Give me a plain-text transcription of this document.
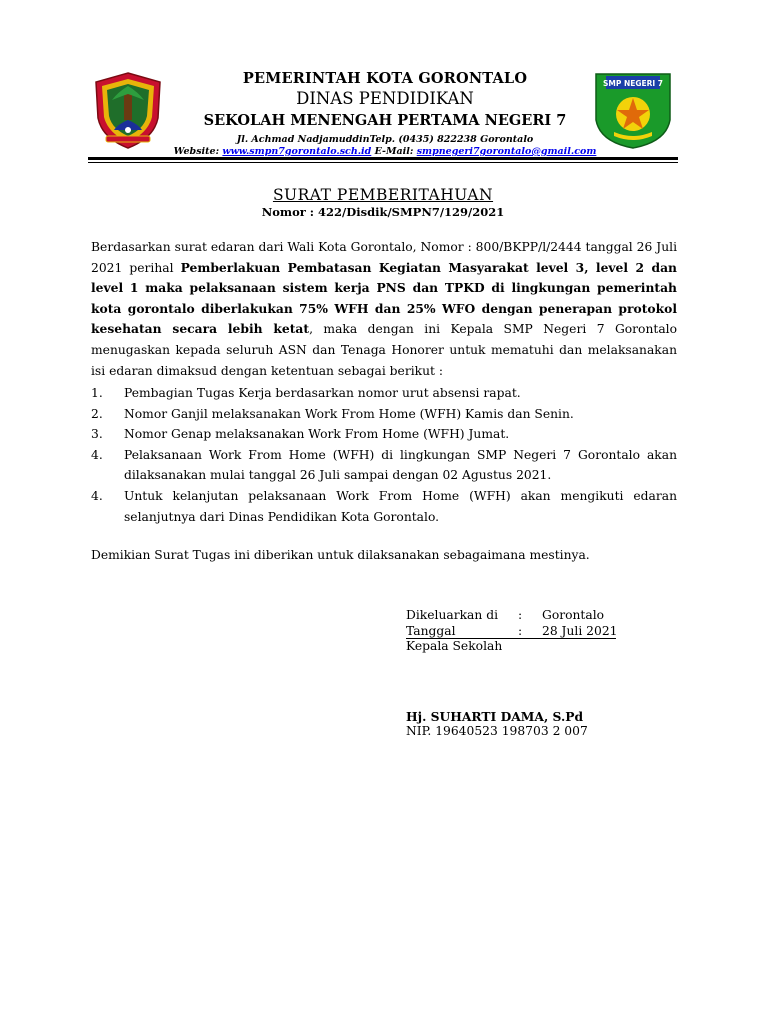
PEMERINTAH KOTA GORONTALO
DINAS PENDIDIKAN
SEKOLAH MENENGAH PERTAMA NEGERI 7
Jl. Achmad NadjamuddinTelp. (0435) 822238 Gorontalo
Website: www.smpn7gorontalo.sch.id E-Mail: smpnegeri7gorontalo@gmail.com
SMP NEGERI 7
SURAT PEMBERITAHUAN
Nomor : 422/Disdik/SMPN7/129/2021
Berdasarkan surat edaran dari Wali Kota Gorontalo, Nomor : 800/BKPP/l/2444 tanggal 26 Juli 2021 perihal Pemberlakuan Pembatasan Kegiatan Masyarakat level 3, level 2 dan level 1 maka pelaksanaan sistem kerja PNS dan TPKD di lingkungan pemerintah kota gorontalo diberlakukan 75% WFH dan 25% WFO dengan penerapan protokol kesehatan secara lebih ketat, maka dengan ini Kepala SMP Negeri 7 Gorontalo menugaskan kepada seluruh ASN dan Tenaga Honorer untuk mematuhi dan melaksanakan isi edaran dimaksud dengan ketentuan sebagai berikut :
1. Pembagian Tugas Kerja berdasarkan nomor urut absensi rapat.
2. Nomor Ganjil melaksanakan Work From Home (WFH) Kamis dan Senin.
3. Nomor Genap melaksanakan Work From Home (WFH) Jumat.
4. Pelaksanaan Work From Home (WFH) di lingkungan SMP Negeri 7 Gorontalo akan dilaksanakan mulai tanggal 26 Juli sampai dengan 02 Agustus 2021.
4. Untuk kelanjutan pelaksanaan Work From Home (WFH) akan mengikuti edaran selanjutnya dari Dinas Pendidikan Kota Gorontalo.
Demikian Surat Tugas ini diberikan untuk dilaksanakan sebagaimana mestinya.
Dikeluarkan di : Gorontalo
Tanggal	: 28 Juli 2021
Kepala Sekolah
Hj. SUHARTI DAMA, S.Pd
NIP. 19640523 198703 2 007
